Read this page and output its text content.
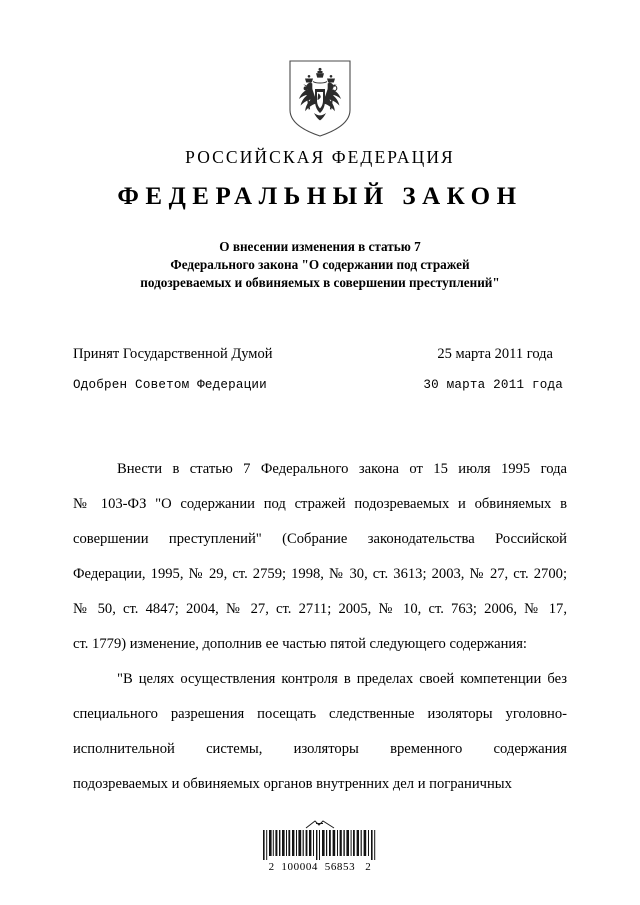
РОССИЙСКАЯ ФЕДЕРАЦИЯ
ФЕДЕРАЛЬНЫЙ ЗАКОН
О внесении изменения в статью 7
Федерального закона "О содержании под стражей
подозреваемых и обвиняемых в совершении преступлений"
Принят Государственной Думой	25 марта 2011 года
Одобрен Советом Федерации	30 марта 2011 года

Внести в статью 7 Федерального закона от 15 июля 1995 года
№ 103-ФЗ "О содержании под стражей подозреваемых и обвиняемых в
совершении преступлений" (Собрание законодательства Российской
Федерации, 1995, № 29, ст. 2759; 1998, № 30, ст. 3613; 2003, № 27, ст. 2700;
№ 50, ст. 4847; 2004, № 27, ст. 2711; 2005, № 10, ст. 763; 2006, № 17,
ст. 1779) изменение, дополнив ее частью пятой следующего содержания:

"В целях осуществления контроля в пределах своей компетенции без
специального разрешения посещать следственные изоляторы уголовно-
исполнительной системы, изоляторы временного содержания
подозреваемых и обвиняемых органов внутренних дел и пограничных

2  100004  56853   2
